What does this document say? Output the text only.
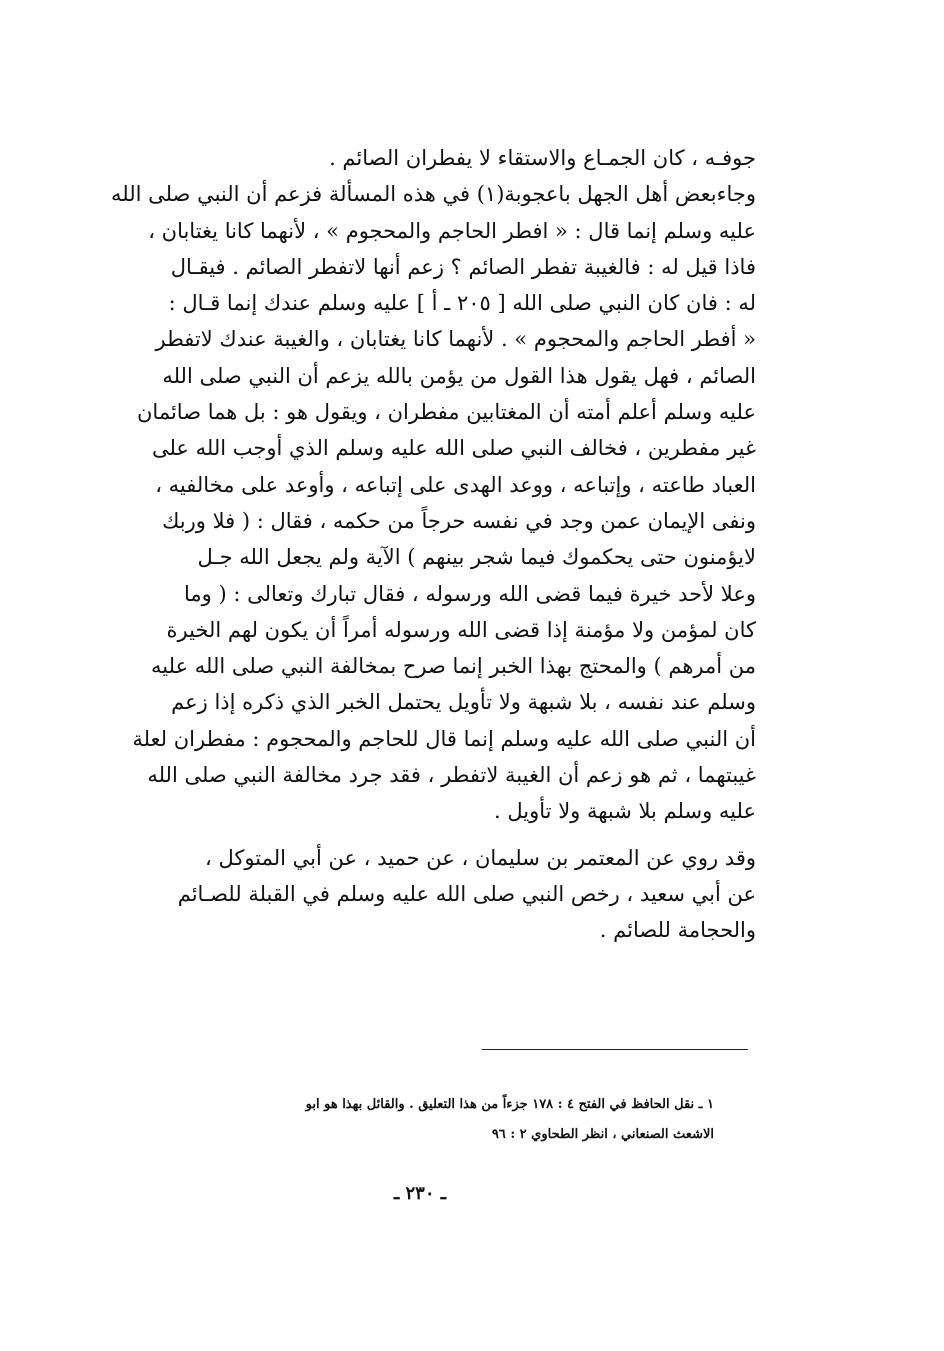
جوفـه ، كان الجمـاع والاستقاء لا يفطران الصائم .
وجاءبعض أهل الجهل باعجوبة(١) في هذه المسألة فزعم أن النبي صلى الله
عليه وسلم إنما قال : « افطر الحاجم والمحجوم » ، لأنهما كانا يغتابان ،
فاذا قيل له : فالغيبة تفطر الصائم ؟ زعم أنها لاتفطر الصائم . فيقـال
له : فان كان النبي صلى الله [ ٢٠٥ ـ أ ] عليه وسلم عندك إنما قـال :
« أفطر الحاجم والمحجوم » . لأنهما كانا يغتابان ، والغيبة عندك لاتفطر
الصائم ، فهل يقول هذا القول من يؤمن بالله يزعم أن النبي صلى الله
عليه وسلم أعلم أمته أن المغتابين مفطران ، ويقول هو : بل هما صائمان
غير مفطرين ، فخالف النبي صلى الله عليه وسلم الذي أوجب الله على
العباد طاعته ، وإتباعه ، ووعد الهدى على إتباعه ، وأوعد على مخالفيه ،
ونفى الإيمان عمن وجد في نفسه حرجاً من حكمه ، فقال : ( فلا وربك
لايؤمنون حتى يحكموك فيما شجر بينهم ) الآية ولم يجعل الله جـل
وعلا لأحد خيرة فيما قضى الله ورسوله ، فقال تبارك وتعالى : ( وما
كان لمؤمن ولا مؤمنة إذا قضى الله ورسوله أمراً أن يكون لهم الخيرة
من أمرهم ) والمحتج بهذا الخبر إنما صرح بمخالفة النبي صلى الله عليه
وسلم عند نفسه ، بلا شبهة ولا تأويل يحتمل الخبر الذي ذكره إذا زعم
أن النبي صلى الله عليه وسلم إنما قال للحاجم والمحجوم : مفطران لعلة
غيبتهما ، ثم هو زعم أن الغيبة لاتفطر ، فقد جرد مخالفة النبي صلى الله
عليه وسلم بلا شبهة ولا تأويل .
وقد روي عن المعتمر بن سليمان ، عن حميد ، عن أبي المتوكل ،
عن أبي سعيد ، رخص النبي صلى الله عليه وسلم في القبلة للصـائم
والحجامة للصائم .
١ ـ نقل الحافظ في الفتح ٤ : ١٧٨ جزءاً من هذا التعليق . والقائل بهذا هو ابو
الاشعث الصنعاني ، انظر الطحاوي ٢ : ٩٦
ـ ٢٣٠ ـ
